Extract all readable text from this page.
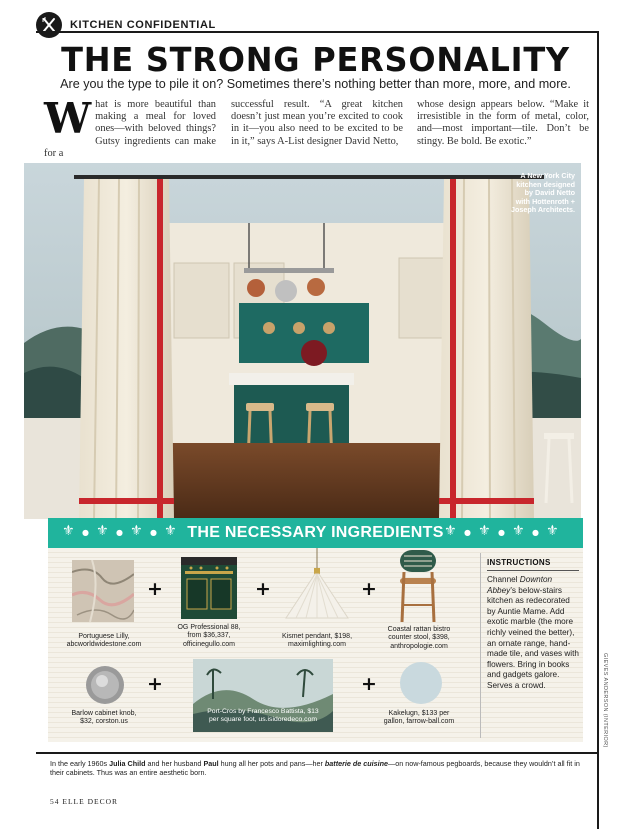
KITCHEN CONFIDENTIAL
THE STRONG PERSONALITY
Are you the type to pile it on? Sometimes there’s nothing better than more, more, and more.
What is more beautiful than making a meal for loved ones—with beloved things? Gutsy ingredients can make for a
successful result. “A great kitchen doesn’t just mean you’re excited to cook in it—you also need to be excited to be in it,” says A-List designer David Netto,
whose design appears below. “Make it irresistible in the form of metal, color, and—most important—tile. Don’t be stingy. Be bold. Be exotic.”
A New York City
kitchen designed
by David Netto
with Hottenroth +
Joseph Architects.
⚜ ● ⚜ ● ⚜ ● ⚜ THE NECESSARY INGREDIENTS ⚜ ● ⚜ ● ⚜ ● ⚜
Portuguese Lilly,
abcworldwidestone.com
+
OG Professional 88,
from $36,337,
officinegullo.com
+
Kismet pendant, $198,
maximlighting.com
+
Coastal rattan bistro
counter stool, $398,
anthropologie.com
Barlow cabinet knob,
$32, corston.us
+
Port-Cros by Francesco Battista, $13
per square foot, us.isidoredeco.com
+
Kakelugn, $133 per
gallon, farrow-ball.com
INSTRUCTIONS
Channel Downton Abbey’s below-stairs kitchen as redecorated by Auntie Mame. Add exotic marble (the more richly veined the better), an ornate range, hand-made tile, and vases with flowers. Bring in books and gadgets galore. Serves a crowd.	GIEVES ANDERSON (INTERIOR)
In the early 1960s Julia Child and her husband Paul hung all her pots and pans—her batterie de cuisine—on now-famous pegboards, because they wouldn’t all fit in their cabinets. Thus was an entire aesthetic born.
54 ELLE DECOR
